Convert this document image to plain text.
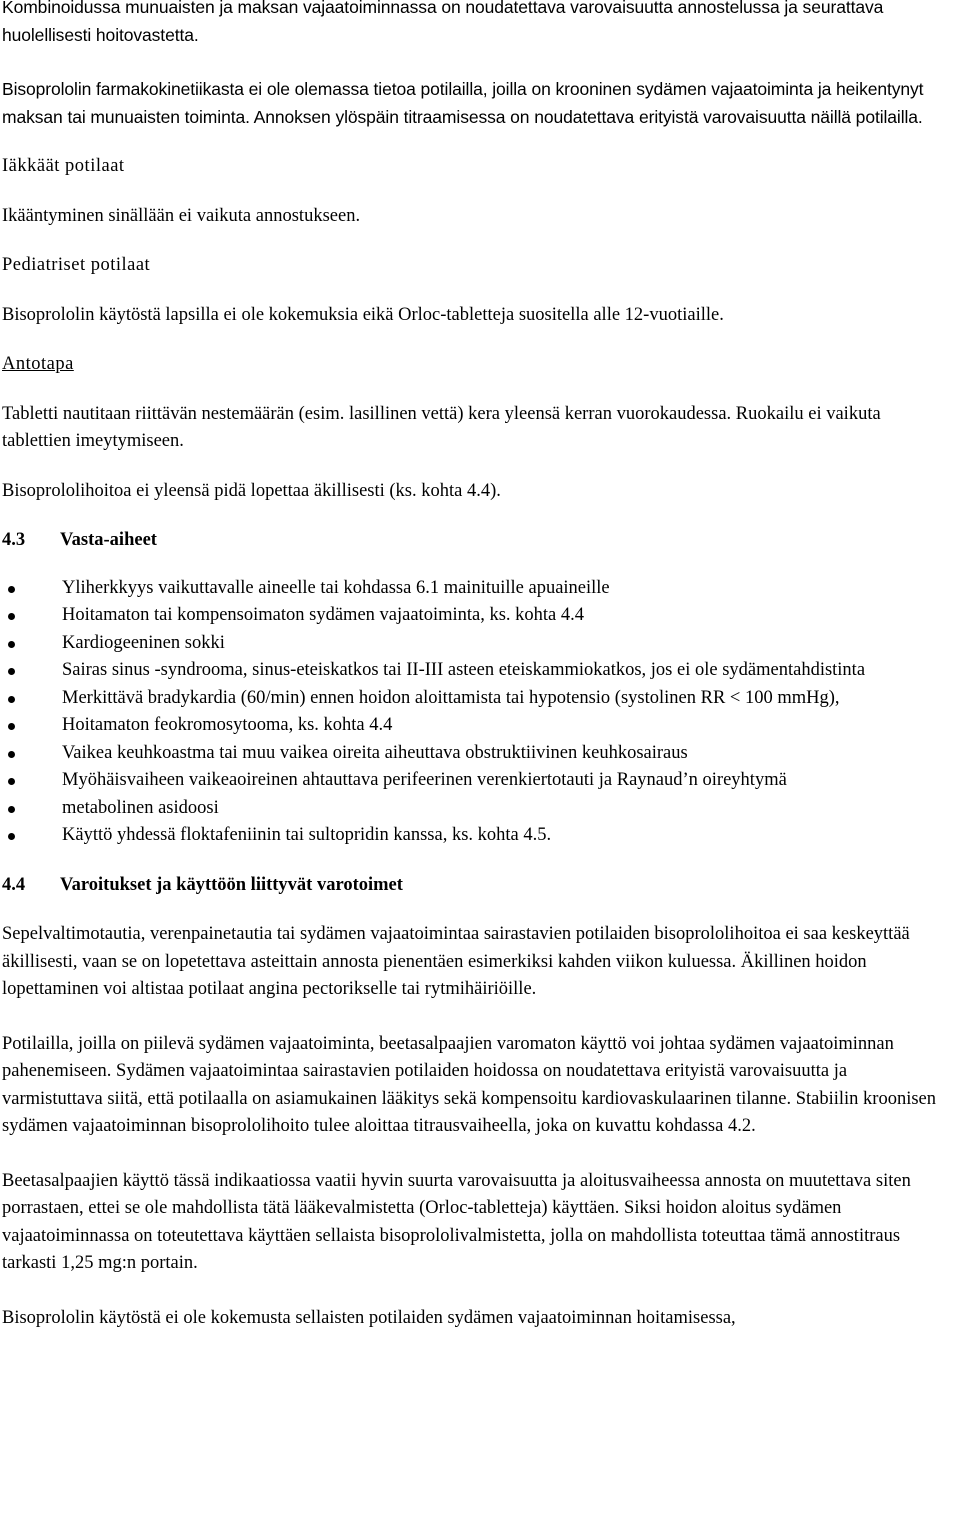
Kombinoidussa munuaisten ja maksan vajaatoiminnassa on noudatettava varovaisuutta annostelussa ja seurattava huolellisesti hoitovastetta.

Bisoprololin farmakokinetiikasta ei ole olemassa tietoa potilailla, joilla on krooninen sydämen vajaatoiminta ja heikentynyt maksan tai munuaisten toiminta. Annoksen ylöspäin titraamisessa on noudatettava erityistä varovaisuutta näillä potilailla.

Iäkkäät potilaat

Ikääntyminen sinällään ei vaikuta annostukseen.

Pediatriset potilaat

Bisoprololin käytöstä lapsilla ei ole kokemuksia eikä Orloc-tabletteja suositella alle 12-vuotiaille.

Antotapa

Tabletti nautitaan riittävän nestemäärän (esim. lasillinen vettä) kera yleensä kerran vuorokaudessa. Ruokailu ei vaikuta tablettien imeytymiseen.

Bisoprololihoitoa ei yleensä pidä lopettaa äkillisesti (ks. kohta 4.4).

4.3	Vasta-aiheet

Yliherkkyys vaikuttavalle aineelle tai kohdassa 6.1 mainituille apuaineille
Hoitamaton tai kompensoimaton sydämen vajaatoiminta, ks. kohta 4.4
Kardiogeeninen sokki
Sairas sinus -syndrooma, sinus-eteiskatkos tai II-III asteen eteiskammiokatkos, jos ei ole sydämentahdistinta
Merkittävä bradykardia (60/min) ennen hoidon aloittamista tai hypotensio (systolinen RR < 100 mmHg),
Hoitamaton feokromosytooma, ks. kohta 4.4
Vaikea keuhkoastma tai muu vaikea oireita aiheuttava obstruktiivinen keuhkosairaus
Myöhäisvaiheen vaikeaoireinen ahtauttava perifeerinen verenkiertotauti ja Raynaud’n oireyhtymä
metabolinen asidoosi
Käyttö yhdessä floktafeniinin tai sultopridin kanssa, ks. kohta 4.5.

4.4	Varoitukset ja käyttöön liittyvät varotoimet

Sepelvaltimotautia, verenpainetautia tai sydämen vajaatoimintaa sairastavien potilaiden bisoprololihoitoa ei saa keskeyttää äkillisesti, vaan se on lopetettava asteittain annosta pienentäen esimerkiksi kahden viikon kuluessa. Äkillinen hoidon lopettaminen voi altistaa potilaat angina pectorikselle tai rytmihäiriöille.

Potilailla, joilla on piilevä sydämen vajaatoiminta, beetasalpaajien varomaton käyttö voi johtaa sydämen vajaatoiminnan pahenemiseen. Sydämen vajaatoimintaa sairastavien potilaiden hoidossa on noudatettava erityistä varovaisuutta ja varmistuttava siitä, että potilaalla on asiamukainen lääkitys sekä kompensoitu kardiovaskulaarinen tilanne. Stabiilin kroonisen sydämen vajaatoiminnan bisoprololihoito tulee aloittaa titrausvaiheella, joka on kuvattu kohdassa 4.2.

Beetasalpaajien käyttö tässä indikaatiossa vaatii hyvin suurta varovaisuutta ja aloitusvaiheessa annosta on muutettava siten porrastaen, ettei se ole mahdollista tätä lääkevalmistetta (Orloc-tabletteja) käyttäen. Siksi hoidon aloitus sydämen vajaatoiminnassa on toteutettava käyttäen sellaista bisoprololivalmistetta, jolla on mahdollista toteuttaa tämä annostitraus tarkasti 1,25 mg:n portain.

Bisoprololin käytöstä ei ole kokemusta sellaisten potilaiden sydämen vajaatoiminnan hoitamisessa,
